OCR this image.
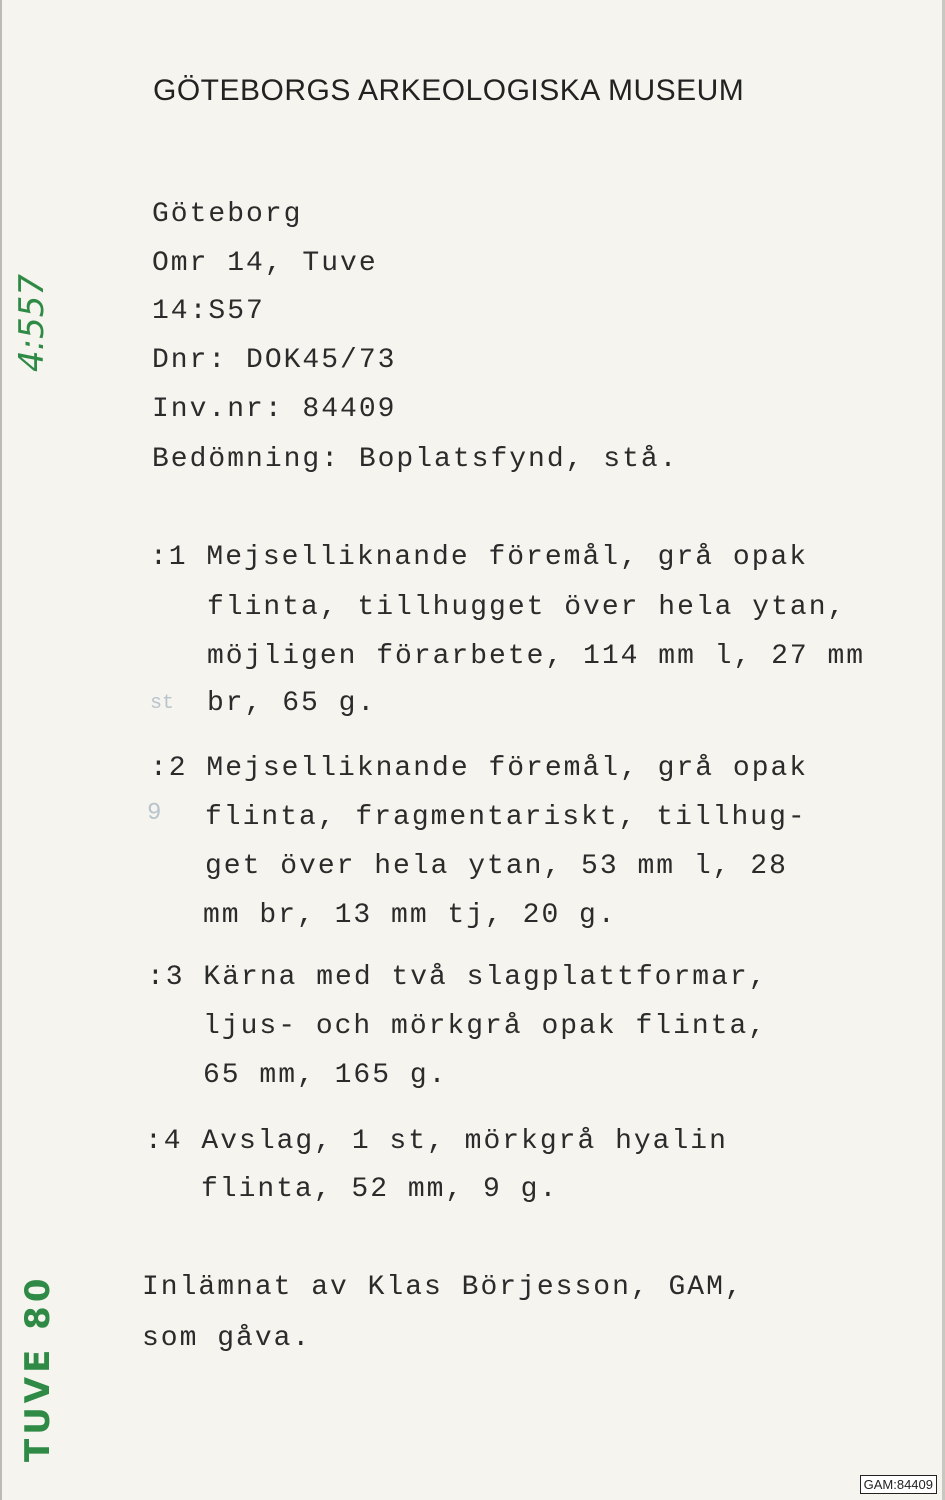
GÖTEBORGS ARKEOLOGISKA MUSEUM
Göteborg
Omr 14, Tuve
14:S57
Dnr: DOK45/73
Inv.nr: 84409
Bedömning: Boplatsfynd, stå.
:1 Mejselliknande föremål, grå opak
flinta, tillhugget över hela ytan,
möjligen förarbete, 114 mm l, 27 mm
br, 65 g.
:2 Mejselliknande föremål, grå opak
flinta, fragmentariskt, tillhug-
get över hela ytan, 53 mm l, 28
mm br, 13 mm tj, 20 g.
:3 Kärna med två slagplattformar,
ljus- och mörkgrå opak flinta,
65 mm, 165 g.
:4 Avslag, 1 st, mörkgrå hyalin
flinta, 52 mm, 9 g.
Inlämnat av Klas Börjesson, GAM,
som gåva.
st
9
4:557
TUVE 80
GAM:84409
